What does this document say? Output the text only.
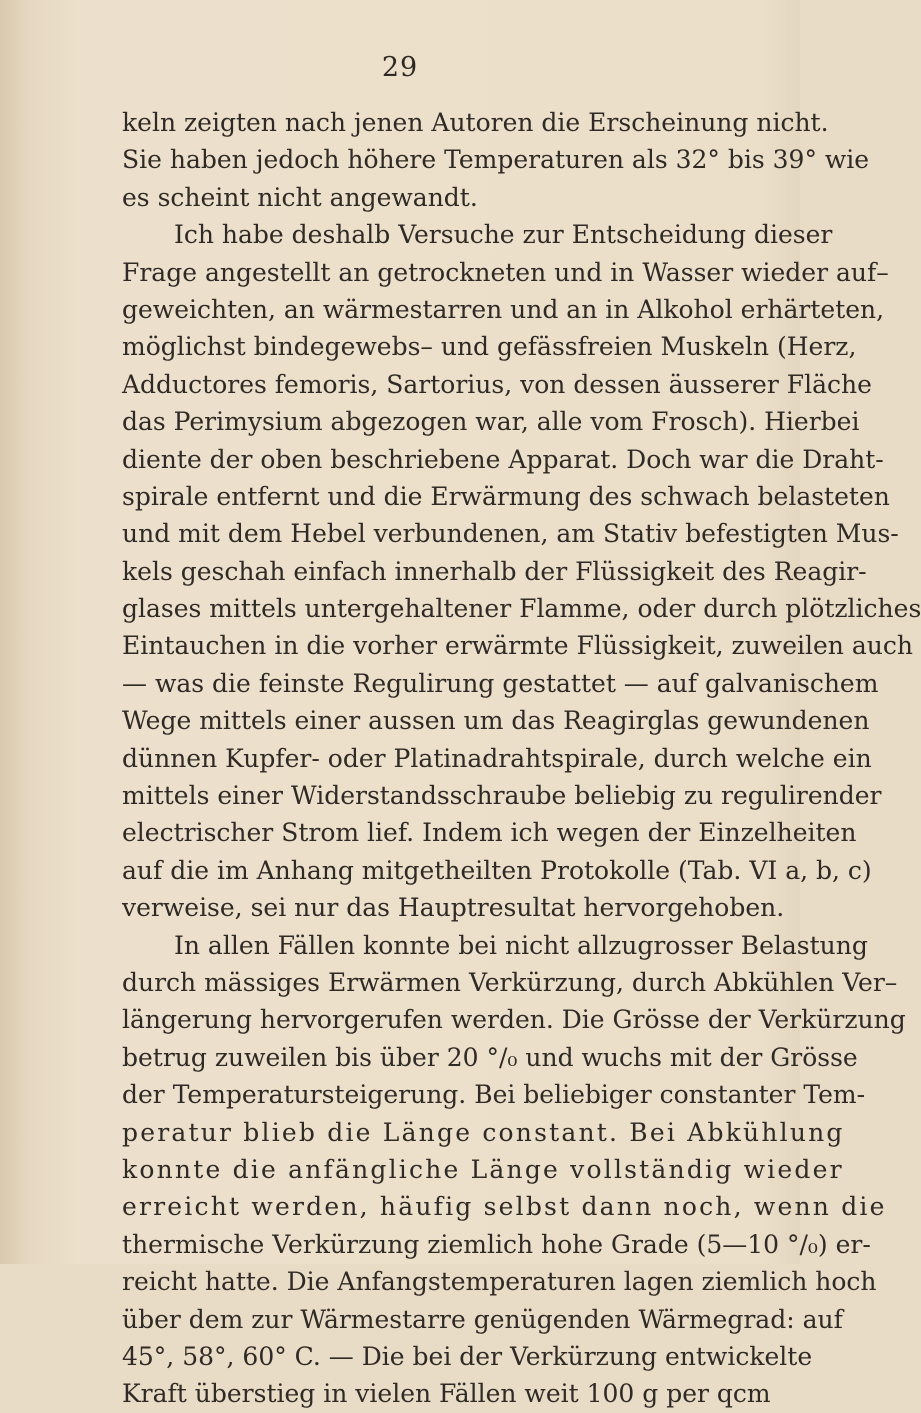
29
keln zeigten nach jenen Autoren die Erscheinung nicht.
Sie haben jedoch höhere Temperaturen als 32° bis 39° wie
es scheint nicht angewandt.
Ich habe deshalb Versuche zur Entscheidung dieser
Frage angestellt an getrockneten und in Wasser wieder auf–
geweichten, an wärmestarren und an in Alkohol erhärteten,
möglichst bindegewebs– und gefässfreien Muskeln (Herz,
Adductores femoris, Sartorius, von dessen äusserer Fläche
das Perimysium abgezogen war, alle vom Frosch). Hierbei
diente der oben beschriebene Apparat. Doch war die Draht-
spirale entfernt und die Erwärmung des schwach belasteten
und mit dem Hebel verbundenen, am Stativ befestigten Mus-
kels geschah einfach innerhalb der Flüssigkeit des Reagir-
glases mittels untergehaltener Flamme, oder durch plötzliches
Eintauchen in die vorher erwärmte Flüssigkeit, zuweilen auch
— was die feinste Regulirung gestattet — auf galvanischem
Wege mittels einer aussen um das Reagirglas gewundenen
dünnen Kupfer- oder Platinadrahtspirale, durch welche ein
mittels einer Widerstandsschraube beliebig zu regulirender
electrischer Strom lief. Indem ich wegen der Einzelheiten
auf die im Anhang mitgetheilten Protokolle (Tab. VI a, b, c)
verweise, sei nur das Hauptresultat hervorgehoben.
In allen Fällen konnte bei nicht allzugrosser Belastung
durch mässiges Erwärmen Verkürzung, durch Abkühlen Ver–
längerung hervorgerufen werden. Die Grösse der Verkürzung
betrug zuweilen bis über 20 °/₀ und wuchs mit der Grösse
der Temperatursteigerung. Bei beliebiger constanter Tem-
peratur blieb die Länge constant. Bei Abkühlung
konnte die anfängliche Länge vollständig wieder
erreicht werden, häufig selbst dann noch, wenn die
thermische Verkürzung ziemlich hohe Grade (5—10 °/₀) er-
reicht hatte. Die Anfangstemperaturen lagen ziemlich hoch
über dem zur Wärmestarre genügenden Wärmegrad: auf
45°, 58°, 60° C. — Die bei der Verkürzung entwickelte
Kraft überstieg in vielen Fällen weit 100 g per qcm
